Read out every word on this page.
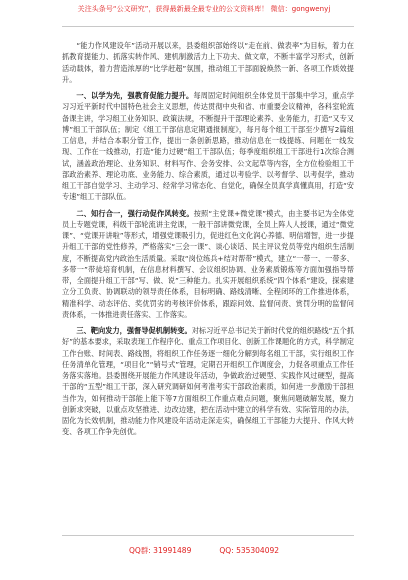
关注头条号“公文研究”，获得最新最全最专业的公文资料库！ 微信：gongwenyj

“能力作风建设年”活动开展以来，县委组织部始终以“走在前、做表率”为目标，着力在抓教育提能力、抓落实转作风、建机制激活力上下功夫、做文章，不断丰富学习形式，创新活动载体，着力营造浓厚的“比学赶超”氛围，推动组工干部面貌焕然一新、各项工作质效提升。

一、以学为先，强教育促能力提升。每周固定时间组织全体党员干部集中学习，重点学习习近平新时代中国特色社会主义思想，传达贯彻中央和省、市重要会议精神，各科室轮流备课主讲，学习组工业务知识、政策法规，不断提升干部理论素养、业务能力，打造“又专又博”组工干部队伍；制定《组工干部信息定期通报制度》，每月每个组工干部至少撰写2篇组工信息，并结合本职分管工作，提出一条创新思路，推动信息在一线提练、问题在一线发现、工作在一线推动，打造“能力过硬”组工干部队伍；每季度组织组工干部进行1次综合测试，涵盖政治理论、业务知识、材料写作、会务安排、公文起草等内容，全方位检验组工干部政治素养、理论功底、业务能力、综合素质，通过以考验学、以考督学、以考促学，推动组工干部自觉学习、主动学习、经常学习常态化、自觉化，确保全员真学真懂真用，打造“安专速”组工干部队伍。

二、知行合一，强行动促作风转变。按照“主党课+微党课”模式，由主要书记为全体党员上专题党课，科级干部轮流讲主党课，一般干部讲微党课，全员上阵人人授课，通过“微党课”、“党课开讲啦”等形式，增强党课吸引力，促进红色文化润心养德、明信增智，进一步提升组工干部的党性修养，严格落实“三会一课”、谈心谈话、民主评议党员等党内组织生活制度，不断提高党内政治生活质量。采取“岗位练兵+结对帮带”模式，建立“一带一、一带多、多带一”带徒培育机制，在信息材料撰写、会议组织协调、业务素质锻炼等方面加强指导帮带，全面提升组工干部“写、做、说”三种能力。扎实开展组织系统“四个体系”建设，探索建立分工负责、协调联动的领导责任体系，目标明确、路线清晰、全程闭环的工作推进体系，精准科学、动态评估、奖优罚劣的考核评价体系，跟踪问效、监督问责、赏罚分明的监督问责体系，一体推进责任落实、工作落实。

三、靶向发力，强督导促机制转变。对标习近平总书记关于新时代党的组织路线“五个抓好”的基本要求，采取表现工作程序化、重点工作项目化、创新工作课题化的方式，科学制定工作台账、时间表、路线图，将组织工作任务逐一细化分解到每名组工干部，实行组织工作任务清单化管理，“项目化”“销号式”管理，定期召开组织工作调度会，力促各项重点工作任务落实落地。县委围绕开展能力作风建设年活动，争做政治过硬型、实践作风过硬型，提高干部的“五型”组工干部，深入研究调研如何考准考实干部政治素质，如何进一步激励干部担当作为，如何推动干部能上能下等7方面组织工作重点难点问题，聚焦问题破解发展，聚力创新求突破，以重点攻坚推进、边改边建，把在活动中建立的科学有效、实际管用的办法，固化为长效机制，推动能力作风建设年活动走深走实，确保组工干部能力大提升、作风大转变、各项工作争先创优。

QQ群: 31991489	QQ: 535304092
